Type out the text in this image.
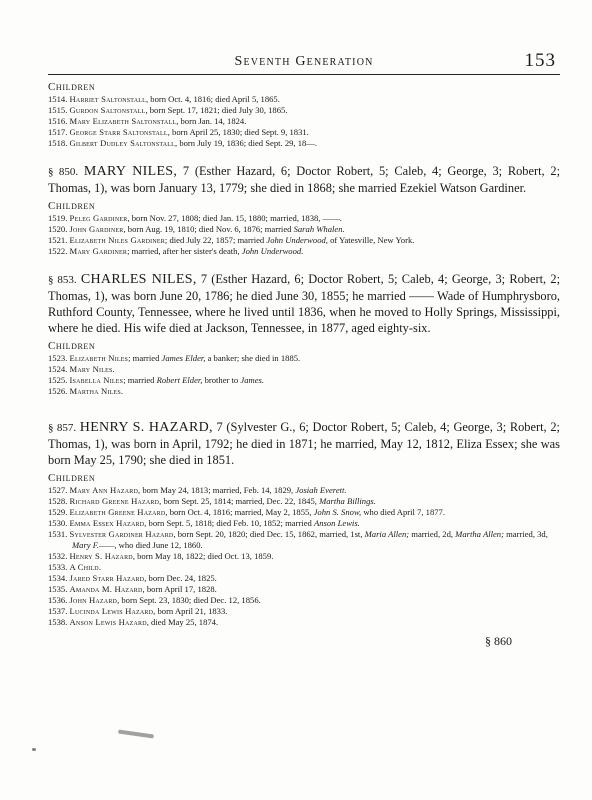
Seventh Generation	153
Children
1514. Harriet Saltonstall, born Oct. 4, 1816; died April 5, 1865.
1515. Gurdon Saltonstall, born Sept. 17, 1821; died July 30, 1865.
1516. Mary Elizabeth Saltonstall, born Jan. 14, 1824.
1517. George Starr Saltonstall, born April 25, 1830; died Sept. 9, 1831.
1518. Gilbert Dudley Saltonstall, born July 19, 1836; died Sept. 29, 18—.

§ 850. MARY NILES, 7 (Esther Hazard, 6; Doctor Robert, 5; Caleb, 4; George, 3; Robert, 2; Thomas, 1), was born January 13, 1779; she died in 1868; she married Ezekiel Watson Gardiner.

Children
1519. Peleg Gardiner, born Nov. 27, 1808; died Jan. 15, 1880; married, 1838, ——.
1520. John Gardiner, born Aug. 19, 1810; died Nov. 6, 1876; married Sarah Whalen.
1521. Elizabeth Niles Gardiner; died July 22, 1857; married John Underwood, of Yatesville, New York.
1522. Mary Gardiner; married, after her sister's death, John Underwood.

§ 853. CHARLES NILES, 7 (Esther Hazard, 6; Doctor Robert, 5; Caleb, 4; George, 3; Robert, 2; Thomas, 1), was born June 20, 1786; he died June 30, 1855; he married —— Wade of Humphrysboro, Ruthford County, Tennessee, where he lived until 1836, when he moved to Holly Springs, Mississippi, where he died. His wife died at Jackson, Tennessee, in 1877, aged eighty-six.

Children
1523. Elizabeth Niles; married James Elder, a banker; she died in 1885.
1524. Mary Niles.
1525. Isabella Niles; married Robert Elder, brother to James.
1526. Martha Niles.

§ 857. HENRY S. HAZARD, 7 (Sylvester G., 6; Doctor Robert, 5; Caleb, 4; George, 3; Robert, 2; Thomas, 1), was born in April, 1792; he died in 1871; he married, May 12, 1812, Eliza Essex; she was born May 25, 1790; she died in 1851.

Children
1527. Mary Ann Hazard, born May 24, 1813; married, Feb. 14, 1829, Josiah Everett.
1528. Richard Greene Hazard, born Sept. 25, 1814; married, Dec. 22, 1845, Martha Billings.
1529. Elizabeth Greene Hazard, born Oct. 4, 1816; married, May 2, 1855, John S. Snow, who died April 7, 1877.
1530. Emma Essex Hazard, born Sept. 5, 1818; died Feb. 10, 1852; married Anson Lewis.
1531. Sylvester Gardiner Hazard, born Sept. 20, 1820; died Dec. 15, 1862, married, 1st, Maria Allen; married, 2d, Martha Allen; married, 3d, Mary F.——, who died June 12, 1860.
1532. Henry S. Hazard, born May 18, 1822; died Oct. 13, 1859.
1533. A Child.
1534. Jared Starr Hazard, born Dec. 24, 1825.
1535. Amanda M. Hazard, born April 17, 1828.
1536. John Hazard, born Sept. 23, 1830; died Dec. 12, 1856.
1537. Lucinda Lewis Hazard, born April 21, 1833.
1538. Anson Lewis Hazard, died May 25, 1874.
§ 860
